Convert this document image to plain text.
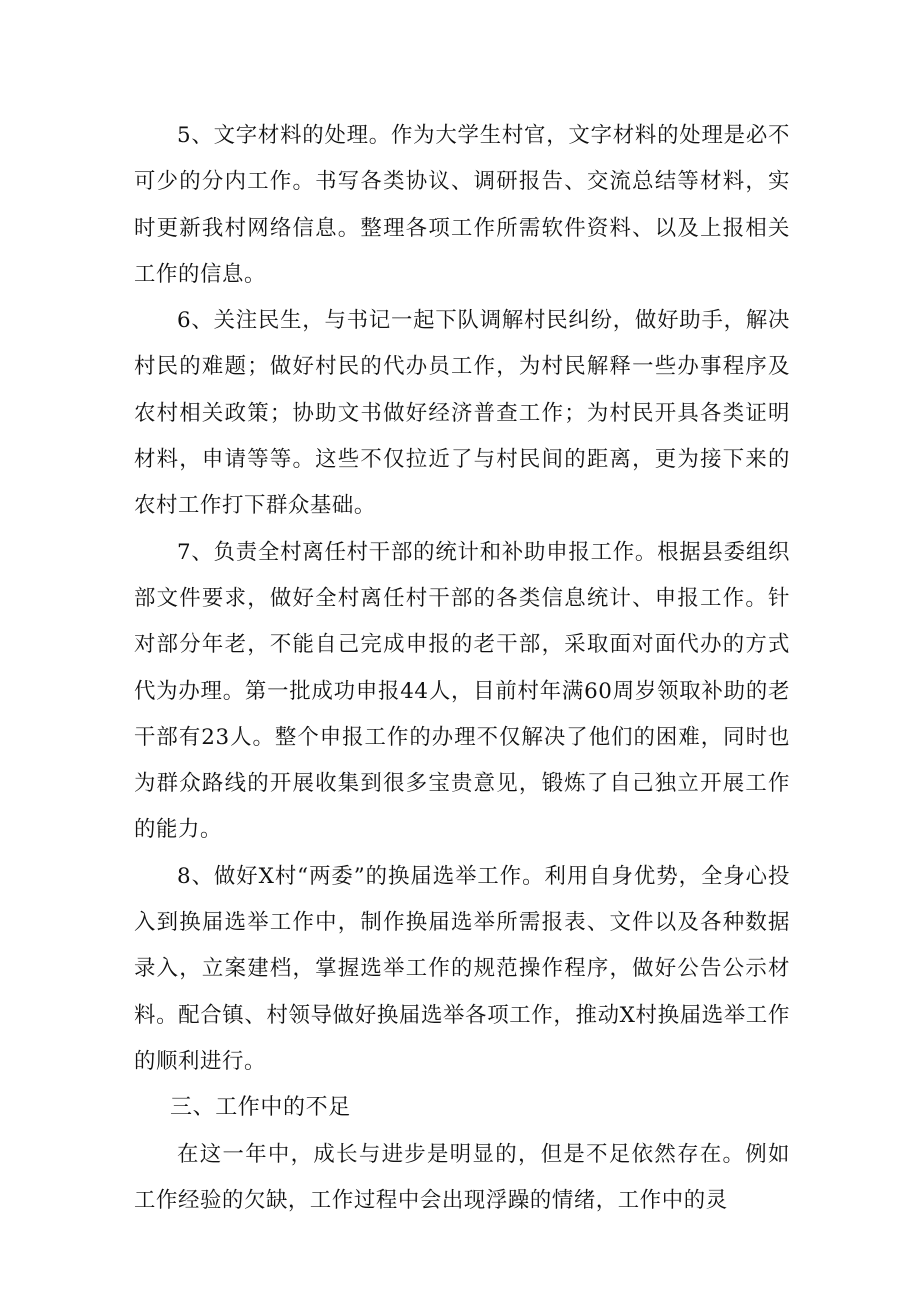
5、文字材料的处理。作为大学生村官，文字材料的处理是必不可少的分内工作。书写各类协议、调研报告、交流总结等材料，实时更新我村网络信息。整理各项工作所需软件资料、以及上报相关工作的信息。

6、关注民生，与书记一起下队调解村民纠纷，做好助手，解决村民的难题；做好村民的代办员工作，为村民解释一些办事程序及农村相关政策；协助文书做好经济普查工作；为村民开具各类证明材料，申请等等。这些不仅拉近了与村民间的距离，更为接下来的农村工作打下群众基础。

7、负责全村离任村干部的统计和补助申报工作。根据县委组织部文件要求，做好全村离任村干部的各类信息统计、申报工作。针对部分年老，不能自己完成申报的老干部，采取面对面代办的方式代为办理。第一批成功申报44人，目前村年满60周岁领取补助的老干部有23人。整个申报工作的办理不仅解决了他们的困难，同时也为群众路线的开展收集到很多宝贵意见，锻炼了自己独立开展工作的能力。

8、做好X村“两委”的换届选举工作。利用自身优势，全身心投入到换届选举工作中，制作换届选举所需报表、文件以及各种数据录入，立案建档，掌握选举工作的规范操作程序，做好公告公示材料。配合镇、村领导做好换届选举各项工作，推动X村换届选举工作的顺利进行。

三、工作中的不足

在这一年中，成长与进步是明显的，但是不足依然存在。例如工作经验的欠缺，工作过程中会出现浮躁的情绪，工作中的灵
